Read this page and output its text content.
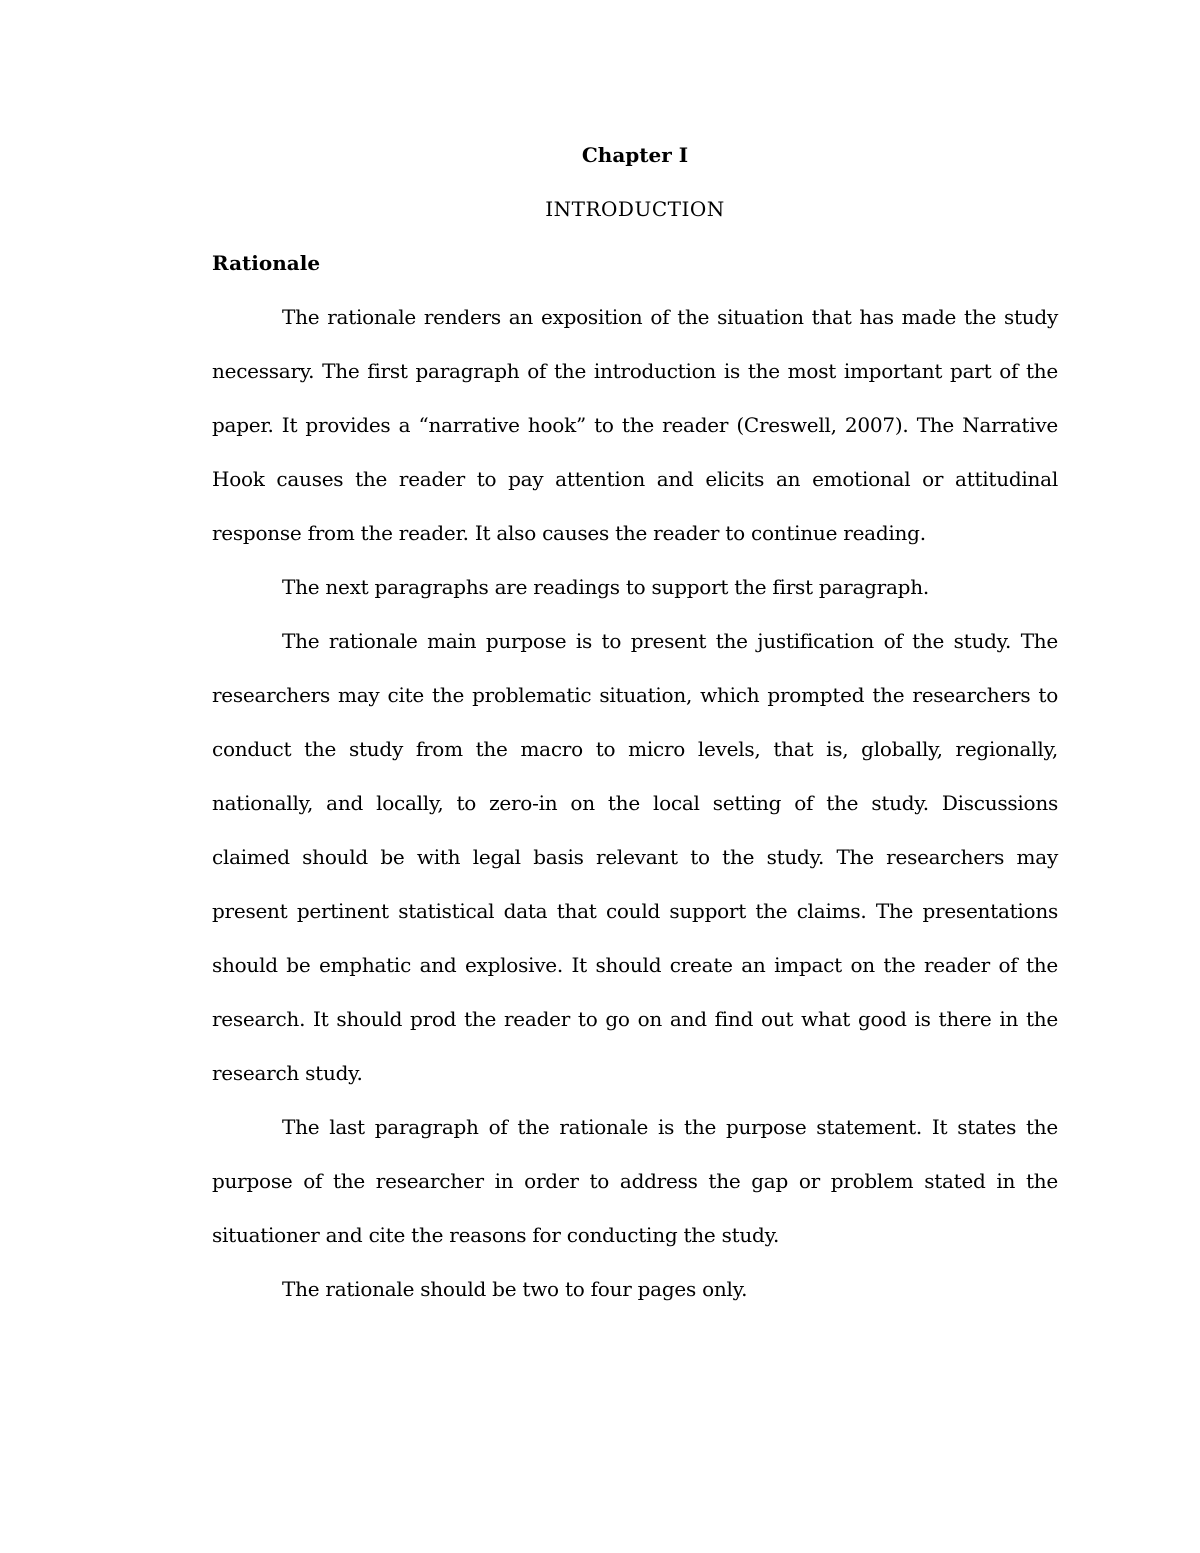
Chapter I

INTRODUCTION

Rationale

The rationale renders an exposition of the situation that has made the study necessary. The first paragraph of the introduction is the most important part of the paper. It provides a “narrative hook” to the reader (Creswell, 2007). The Narrative Hook causes the reader to pay attention and elicits an emotional or attitudinal response from the reader. It also causes the reader to continue reading.

The next paragraphs are readings to support the first paragraph.

The rationale main purpose is to present the justification of the study. The researchers may cite the problematic situation, which prompted the researchers to conduct the study from the macro to micro levels, that is, globally, regionally, nationally, and locally, to zero-in on the local setting of the study. Discussions claimed should be with legal basis relevant to the study. The researchers may present pertinent statistical data that could support the claims. The presentations should be emphatic and explosive. It should create an impact on the reader of the research. It should prod the reader to go on and find out what good is there in the research study.

The last paragraph of the rationale is the purpose statement. It states the purpose of the researcher in order to address the gap or problem stated in the situationer and cite the reasons for conducting the study.

The rationale should be two to four pages only.
